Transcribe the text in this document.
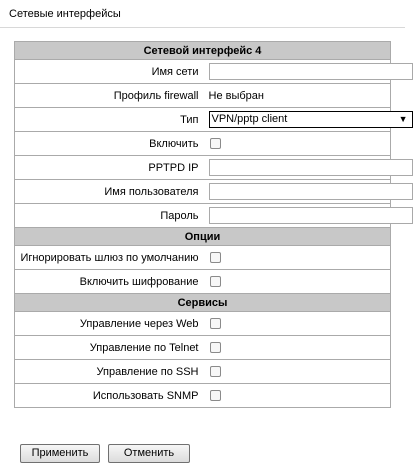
Сетевые интерфейсы
Сетевой интерфейс 4	
Имя сети	
Профиль firewall	Не выбран
Тип	VPN/pptp client ▼

Включить	
PPTPD IP	
Имя пользователя	
Пароль	
Опции	
Игнорировать шлюз по умолчанию	
Включить шифрование	
Сервисы	
Управление через Web	
Управление по Telnet	
Управление по SSH	
Использовать SNMP	
Применить	Отменить
